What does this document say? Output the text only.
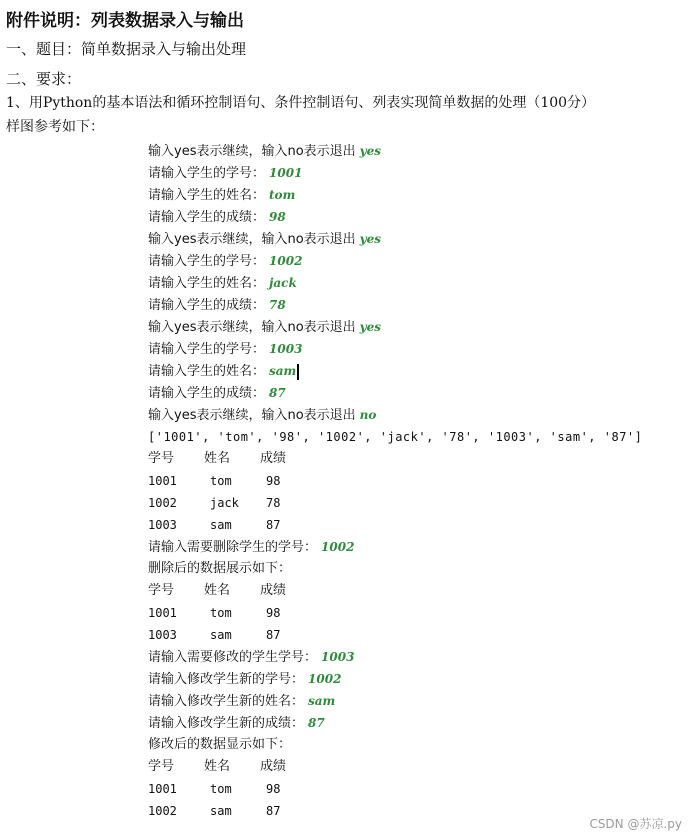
附件说明：列表数据录入与输出
一、题目：简单数据录入与输出处理
二、要求：
1、用Python的基本语法和循环控制语句、条件控制语句、列表实现简单数据的处理（100分）
样图参考如下：
输入yes表示继续，输入no表示退出 yes
请输入学生的学号： 1001
请输入学生的姓名： tom
请输入学生的成绩： 98
输入yes表示继续，输入no表示退出 yes
请输入学生的学号： 1002
请输入学生的姓名： jack
请输入学生的成绩： 78
输入yes表示继续，输入no表示退出 yes
请输入学生的学号： 1003
请输入学生的姓名： sam
请输入学生的成绩： 87
输入yes表示继续，输入no表示退出 no
['1001', 'tom', '98', '1002', 'jack', '78', '1003', 'sam', '87']
学号 姓名 成绩
1001	tom	98
1002	jack 78
1003	sam	87
请输入需要删除学生的学号： 1002
删除后的数据展示如下：
学号 姓名 成绩
1001	tom	98
1003	sam	87
请输入需要修改的学生学号： 1003
请输入修改学生新的学号： 1002
请输入修改学生新的姓名： sam
请输入修改学生新的成绩： 87
修改后的数据显示如下：
学号 姓名 成绩
1001	tom	98
1002	sam	87
CSDN @苏凉.py
